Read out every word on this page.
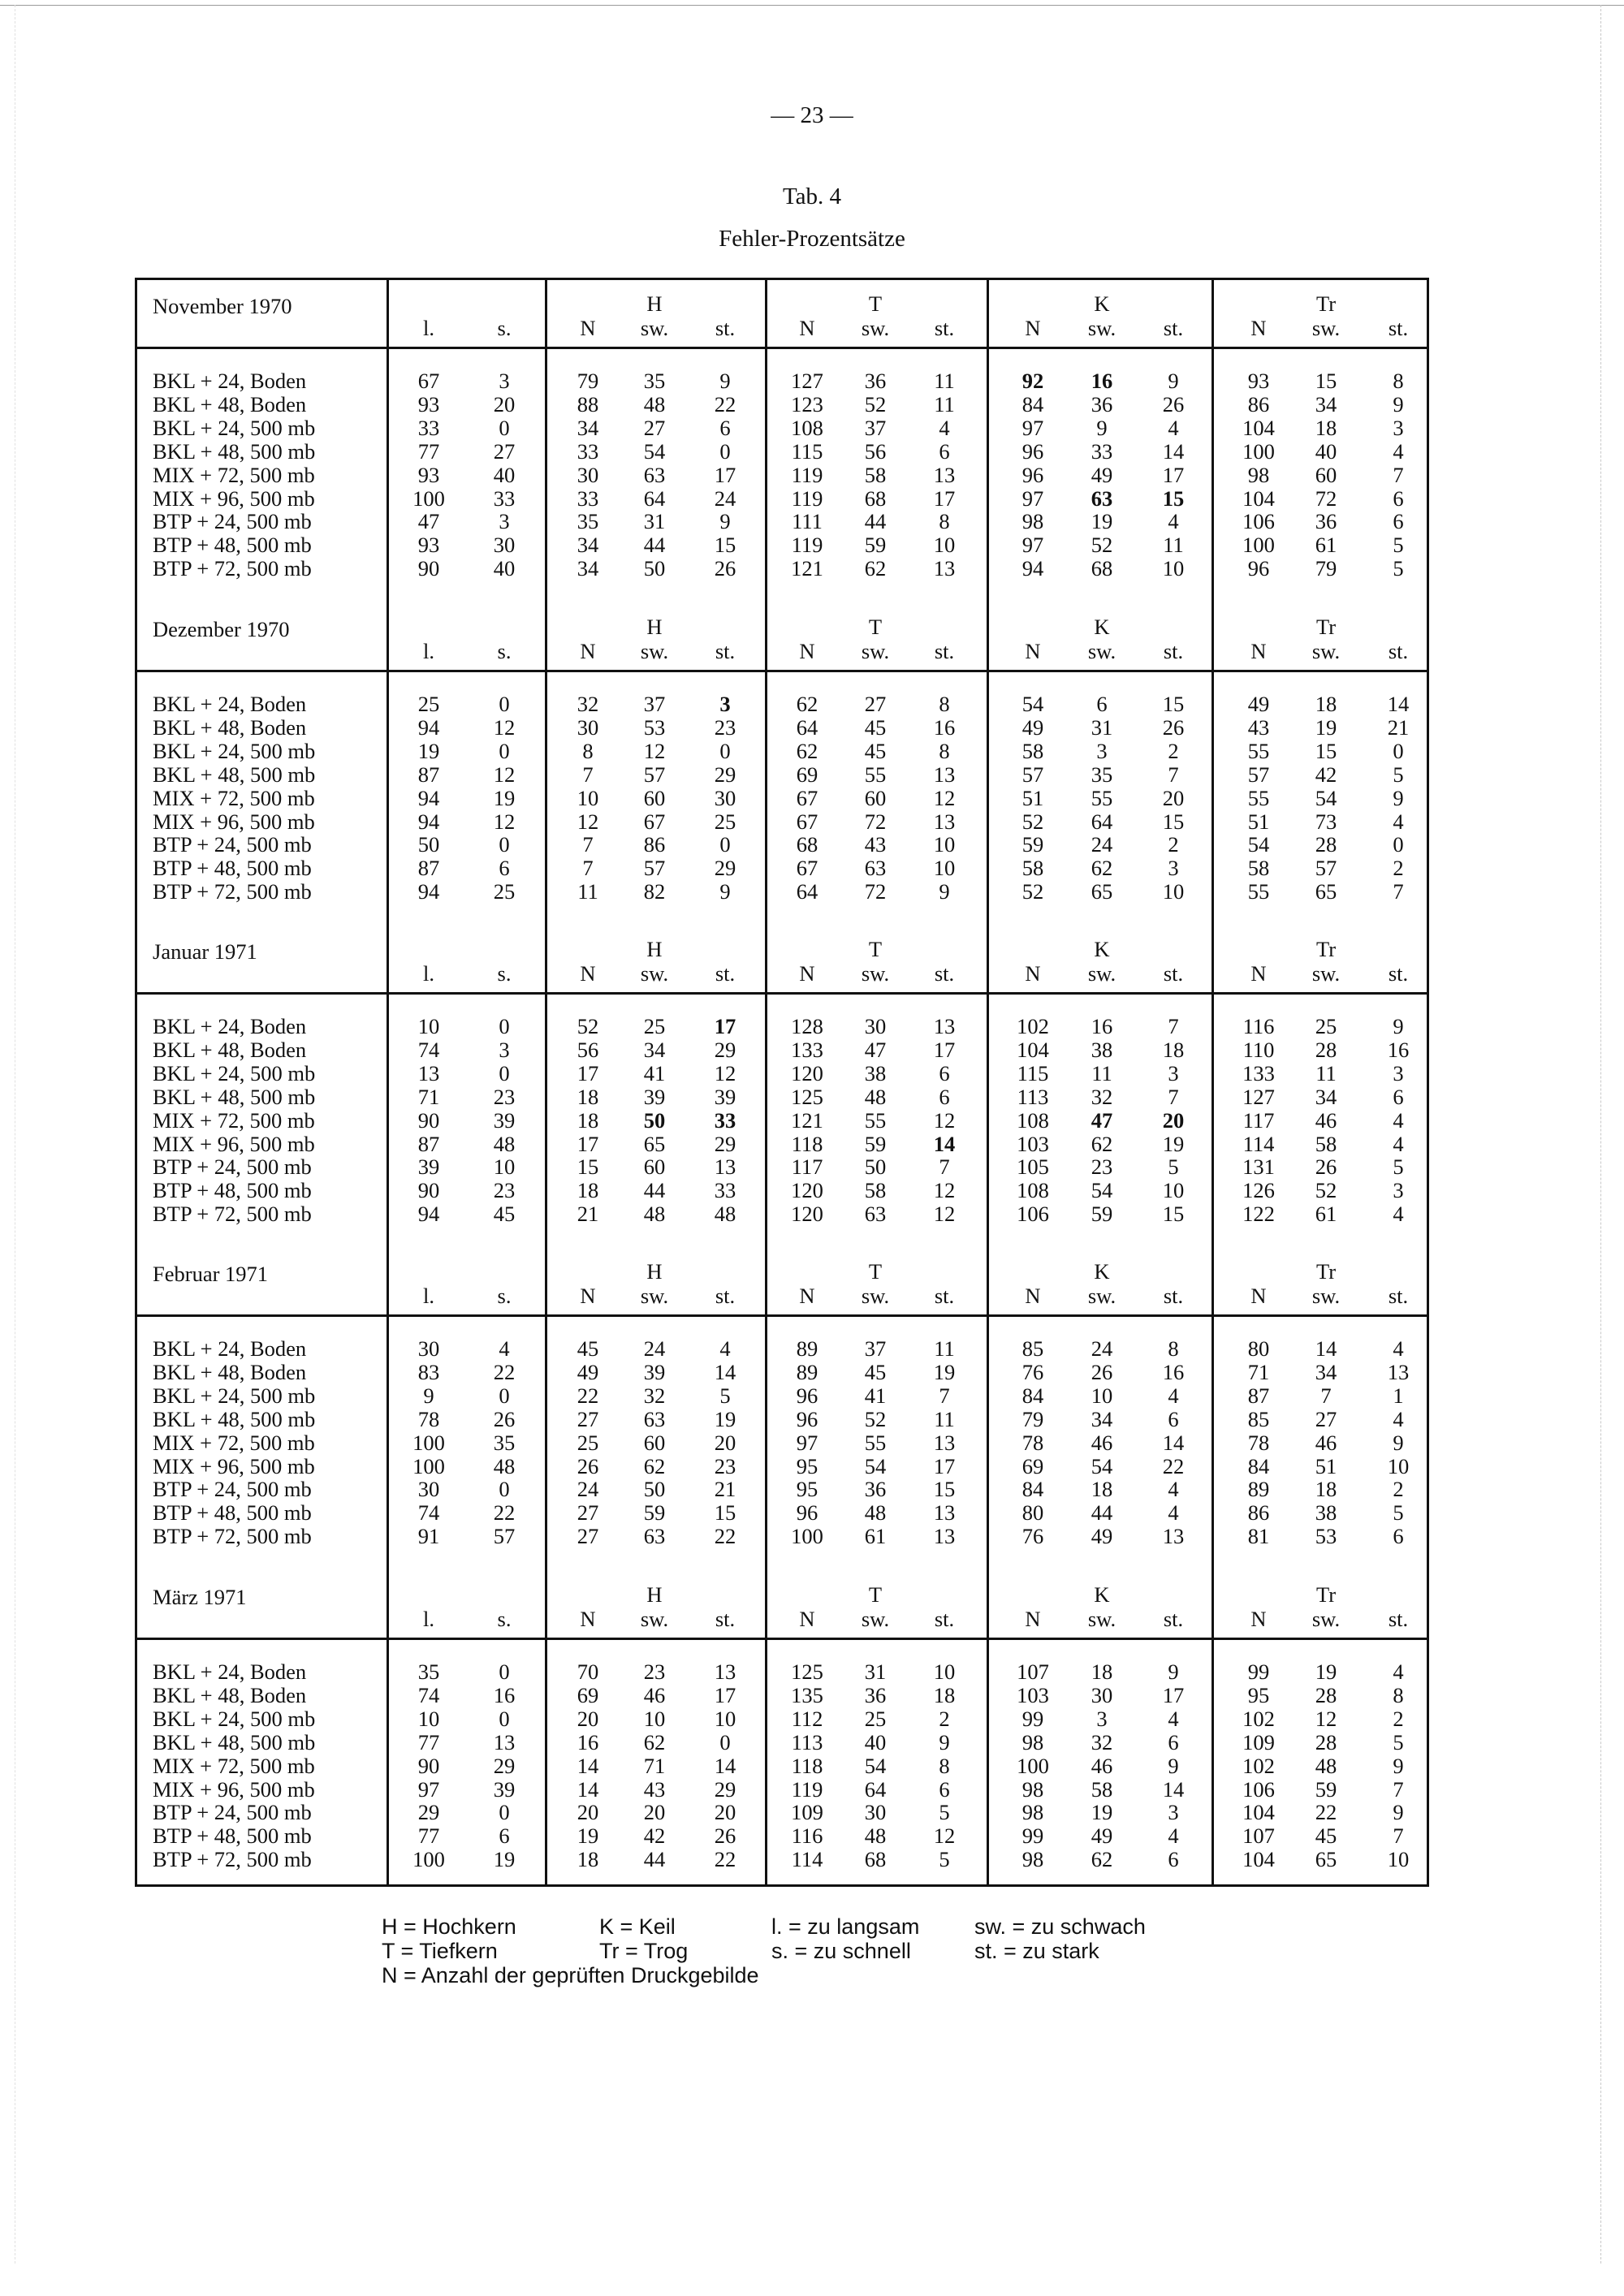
— 23 —
Tab. 4
Fehler-Prozentsätze
November 1970	H	T	K	Tr
l.	s.	N	sw.	st.	N	sw.	st.	N	sw.	st.	N	sw.	st.
BKL + 24, Boden	67	3	79	35	9	127	36	11	92	16	9	93	15	8
BKL + 48, Boden	93	20	88	48	22	123	52	11	84	36	26	86	34	9
BKL + 24, 500 mb	33	0	34	27	6	108	37	4	97	9	4	104	18	3
BKL + 48, 500 mb	77	27	33	54	0	115	56	6	96	33	14	100	40	4
MIX + 72, 500 mb	93	40	30	63	17	119	58	13	96	49	17	98	60	7
MIX + 96, 500 mb	100	33	33	64	24	119	68	17	97	63	15	104	72	6
BTP + 24, 500 mb	47	3	35	31	9	111	44	8	98	19	4	106	36	6
BTP + 48, 500 mb	93	30	34	44	15	119	59	10	97	52	11	100	61	5
BTP + 72, 500 mb	90	40	34	50	26	121	62	13	94	68	10	96	79	5
Dezember 1970	H	T	K	Tr
l.	s.	N	sw.	st.	N	sw.	st.	N	sw.	st.	N	sw.	st.
BKL + 24, Boden	25	0	32	37	3	62	27	8	54	6	15	49	18	14
BKL + 48, Boden	94	12	30	53	23	64	45	16	49	31	26	43	19	21
BKL + 24, 500 mb	19	0	8	12	0	62	45	8	58	3	2	55	15	0
BKL + 48, 500 mb	87	12	7	57	29	69	55	13	57	35	7	57	42	5
MIX + 72, 500 mb	94	19	10	60	30	67	60	12	51	55	20	55	54	9
MIX + 96, 500 mb	94	12	12	67	25	67	72	13	52	64	15	51	73	4
BTP + 24, 500 mb	50	0	7	86	0	68	43	10	59	24	2	54	28	0
BTP + 48, 500 mb	87	6	7	57	29	67	63	10	58	62	3	58	57	2
BTP + 72, 500 mb	94	25	11	82	9	64	72	9	52	65	10	55	65	7
Januar 1971	H	T	K	Tr
l.	s.	N	sw.	st.	N	sw.	st.	N	sw.	st.	N	sw.	st.
BKL + 24, Boden	10	0	52	25	17	128	30	13	102	16	7	116	25	9
BKL + 48, Boden	74	3	56	34	29	133	47	17	104	38	18	110	28	16
BKL + 24, 500 mb	13	0	17	41	12	120	38	6	115	11	3	133	11	3
BKL + 48, 500 mb	71	23	18	39	39	125	48	6	113	32	7	127	34	6
MIX + 72, 500 mb	90	39	18	50	33	121	55	12	108	47	20	117	46	4
MIX + 96, 500 mb	87	48	17	65	29	118	59	14	103	62	19	114	58	4
BTP + 24, 500 mb	39	10	15	60	13	117	50	7	105	23	5	131	26	5
BTP + 48, 500 mb	90	23	18	44	33	120	58	12	108	54	10	126	52	3
BTP + 72, 500 mb	94	45	21	48	48	120	63	12	106	59	15	122	61	4
Februar 1971	H	T	K	Tr
l.	s.	N	sw.	st.	N	sw.	st.	N	sw.	st.	N	sw.	st.
BKL + 24, Boden	30	4	45	24	4	89	37	11	85	24	8	80	14	4
BKL + 48, Boden	83	22	49	39	14	89	45	19	76	26	16	71	34	13
BKL + 24, 500 mb	9	0	22	32	5	96	41	7	84	10	4	87	7	1
BKL + 48, 500 mb	78	26	27	63	19	96	52	11	79	34	6	85	27	4
MIX + 72, 500 mb	100	35	25	60	20	97	55	13	78	46	14	78	46	9
MIX + 96, 500 mb	100	48	26	62	23	95	54	17	69	54	22	84	51	10
BTP + 24, 500 mb	30	0	24	50	21	95	36	15	84	18	4	89	18	2
BTP + 48, 500 mb	74	22	27	59	15	96	48	13	80	44	4	86	38	5
BTP + 72, 500 mb	91	57	27	63	22	100	61	13	76	49	13	81	53	6
März 1971	H	T	K	Tr
l.	s.	N	sw.	st.	N	sw.	st.	N	sw.	st.	N	sw.	st.
BKL + 24, Boden	35	0	70	23	13	125	31	10	107	18	9	99	19	4
BKL + 48, Boden	74	16	69	46	17	135	36	18	103	30	17	95	28	8
BKL + 24, 500 mb	10	0	20	10	10	112	25	2	99	3	4	102	12	2
BKL + 48, 500 mb	77	13	16	62	0	113	40	9	98	32	6	109	28	5
MIX + 72, 500 mb	90	29	14	71	14	118	54	8	100	46	9	102	48	9
MIX + 96, 500 mb	97	39	14	43	29	119	64	6	98	58	14	106	59	7
BTP + 24, 500 mb	29	0	20	20	20	109	30	5	98	19	3	104	22	9
BTP + 48, 500 mb	77	6	19	42	26	116	48	12	99	49	4	107	45	7
BTP + 72, 500 mb	100	19	18	44	22	114	68	5	98	62	6	104	65	10
H = Hochkern	K = Keil	l. = zu langsam	sw. = zu schwach
T = Tiefkern	Tr = Trog	s. = zu schnell	st. = zu stark
N = Anzahl der geprüften Druckgebilde
